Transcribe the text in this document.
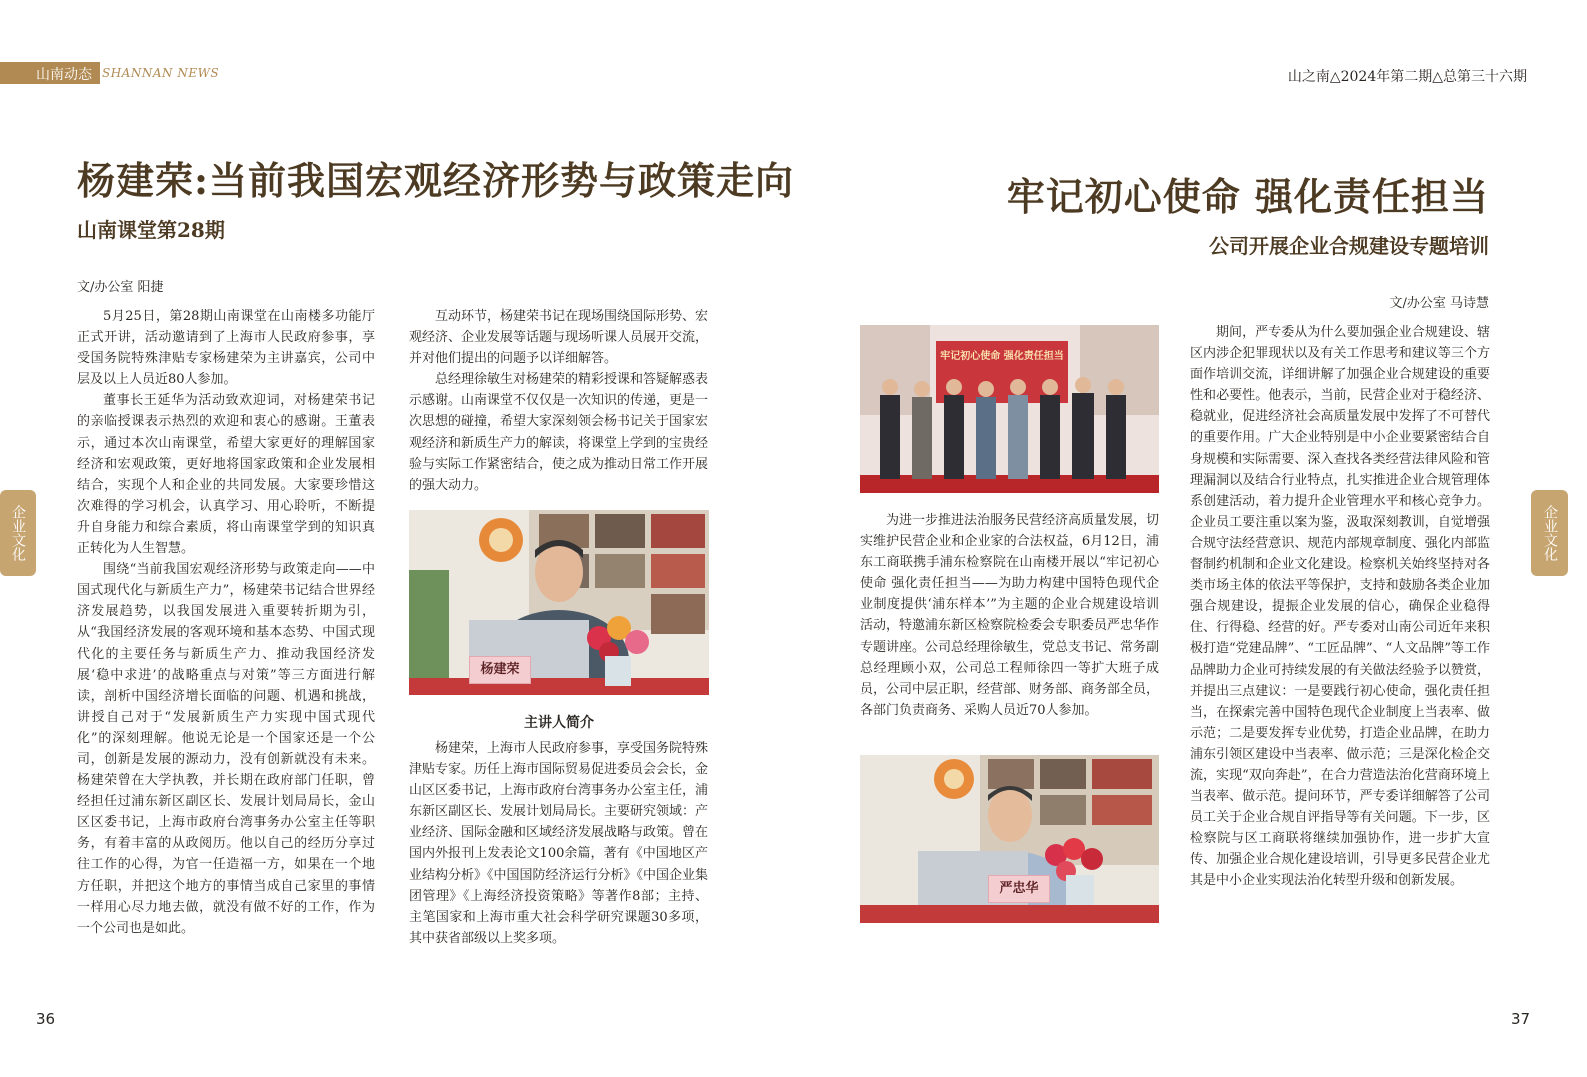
山南动态 SHANNAN NEWS	山之南△2024年第二期△总第三十六期
杨建荣:当前我国宏观经济形势与政策走向
山南课堂第28期
文/办公室 阳捷

5月25日，第28期山南课堂在山南楼多功能厅正式开讲，活动邀请到了上海市人民政府参事，享受国务院特殊津贴专家杨建荣为主讲嘉宾，公司中层及以上人员近80人参加。

董事长王延华为活动致欢迎词，对杨建荣书记的亲临授课表示热烈的欢迎和衷心的感谢。王董表示，通过本次山南课堂，希望大家更好的理解国家经济和宏观政策，更好地将国家政策和企业发展相结合，实现个人和企业的共同发展。大家要珍惜这次难得的学习机会，认真学习、用心聆听，不断提升自身能力和综合素质，将山南课堂学到的知识真正转化为人生智慧。

围绕“当前我国宏观经济形势与政策走向——中国式现代化与新质生产力”，杨建荣书记结合世界经济发展趋势，以我国发展进入重要转折期为引，从“我国经济发展的客观环境和基本态势、中国式现代化的主要任务与新质生产力、推动我国经济发展‘稳中求进’的战略重点与对策”等三方面进行解读，剖析中国经济增长面临的问题、机遇和挑战，讲授自己对于“发展新质生产力实现中国式现代化”的深刻理解。他说无论是一个国家还是一个公司，创新是发展的源动力，没有创新就没有未来。杨建荣曾在大学执教，并长期在政府部门任职，曾经担任过浦东新区副区长、发展计划局局长，金山区区委书记，上海市政府台湾事务办公室主任等职务，有着丰富的从政阅历。他以自己的经历分享过往工作的心得，为官一任造福一方，如果在一个地方任职，并把这个地方的事情当成自己家里的事情一样用心尽力地去做，就没有做不好的工作，作为一个公司也是如此。

互动环节，杨建荣书记在现场围绕国际形势、宏观经济、企业发展等话题与现场听课人员展开交流，并对他们提出的问题予以详细解答。

总经理徐敏生对杨建荣的精彩授课和答疑解惑表示感谢。山南课堂不仅仅是一次知识的传递，更是一次思想的碰撞，希望大家深刻领会杨书记关于国家宏观经济和新质生产力的解读，将课堂上学到的宝贵经验与实际工作紧密结合，使之成为推动日常工作开展的强大动力。

杨建荣
主讲人简介

杨建荣，上海市人民政府参事，享受国务院特殊津贴专家。历任上海市国际贸易促进委员会会长，金山区区委书记，上海市政府台湾事务办公室主任，浦东新区副区长、发展计划局局长。主要研究领域：产业经济、国际金融和区域经济发展战略与政策。曾在国内外报刊上发表论文100余篇，著有《中国地区产业结构分析》《中国国防经济运行分析》《中国企业集团管理》《上海经济投资策略》等著作8部；主持、主笔国家和上海市重大社会科学研究课题30多项，其中获省部级以上奖多项。

企业文化
36
牢记初心使命 强化责任担当
公司开展企业合规建设专题培训
文/办公室 马诗慧
牢记初心使命 强化责任担当

为进一步推进法治服务民营经济高质量发展，切实维护民营企业和企业家的合法权益，6月12日，浦东工商联携手浦东检察院在山南楼开展以“牢记初心使命 强化责任担当——为助力构建中国特色现代企业制度提供‘浦东样本’”为主题的企业合规建设培训活动，特邀浦东新区检察院检委会专职委员严忠华作专题讲座。公司总经理徐敏生，党总支书记、常务副总经理顾小双，公司总工程师徐四一等扩大班子成员，公司中层正职，经营部、财务部、商务部全员，各部门负责商务、采购人员近70人参加。

严忠华

期间，严专委从为什么要加强企业合规建设、辖区内涉企犯罪现状以及有关工作思考和建议等三个方面作培训交流，详细讲解了加强企业合规建设的重要性和必要性。他表示，当前，民营企业对于稳经济、稳就业，促进经济社会高质量发展中发挥了不可替代的重要作用。广大企业特别是中小企业要紧密结合自身规模和实际需要、深入查找各类经营法律风险和管理漏洞以及结合行业特点，扎实推进企业合规管理体系创建活动，着力提升企业管理水平和核心竞争力。企业员工要注重以案为鉴，汲取深刻教训，自觉增强合规守法经营意识、规范内部规章制度、强化内部监督制约机制和企业文化建设。检察机关始终坚持对各类市场主体的依法平等保护，支持和鼓励各类企业加强合规建设，提振企业发展的信心，确保企业稳得住、行得稳、经营的好。严专委对山南公司近年来积极打造“党建品牌”、“工匠品牌”、“人文品牌”等工作品牌助力企业可持续发展的有关做法经验予以赞赏，并提出三点建议：一是要践行初心使命，强化责任担当，在探索完善中国特色现代企业制度上当表率、做示范；二是要发挥专业优势，打造企业品牌，在助力浦东引领区建设中当表率、做示范；三是深化检企交流，实现“双向奔赴”，在合力营造法治化营商环境上当表率、做示范。提问环节，严专委详细解答了公司员工关于企业合规自评指导等有关问题。下一步，区检察院与区工商联将继续加强协作，进一步扩大宣传、加强企业合规化建设培训，引导更多民营企业尤其是中小企业实现法治化转型升级和创新发展。

企业文化
37
